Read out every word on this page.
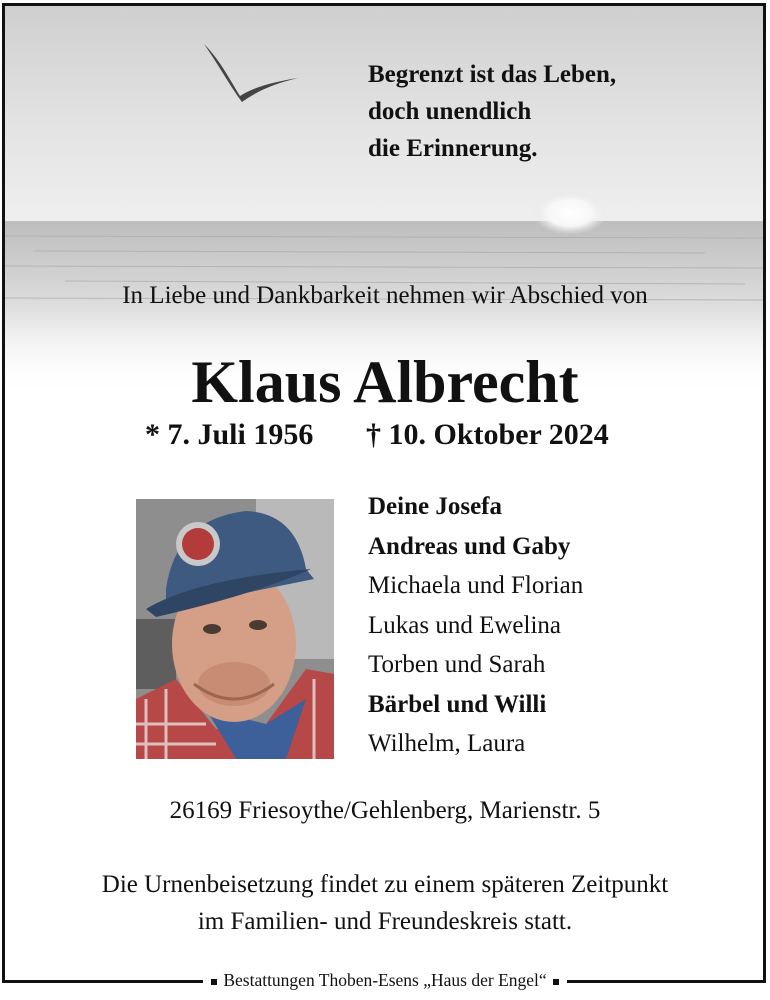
Begrenzt ist das Leben,
doch unendlich
die Erinnerung.
In Liebe und Dankbarkeit nehmen wir Abschied von
Klaus Albrecht
* 7. Juli 1956 † 10. Oktober 2024
Deine Josefa
Andreas und Gaby
Michaela und Florian
Lukas und Ewelina
Torben und Sarah
Bärbel und Willi
Wilhelm, Laura
26169 Friesoythe/Gehlenberg, Marienstr. 5
Die Urnenbeisetzung findet zu einem späteren Zeitpunkt
im Familien- und Freundeskreis statt.
Bestattungen Thoben-Esens „Haus der Engel“
